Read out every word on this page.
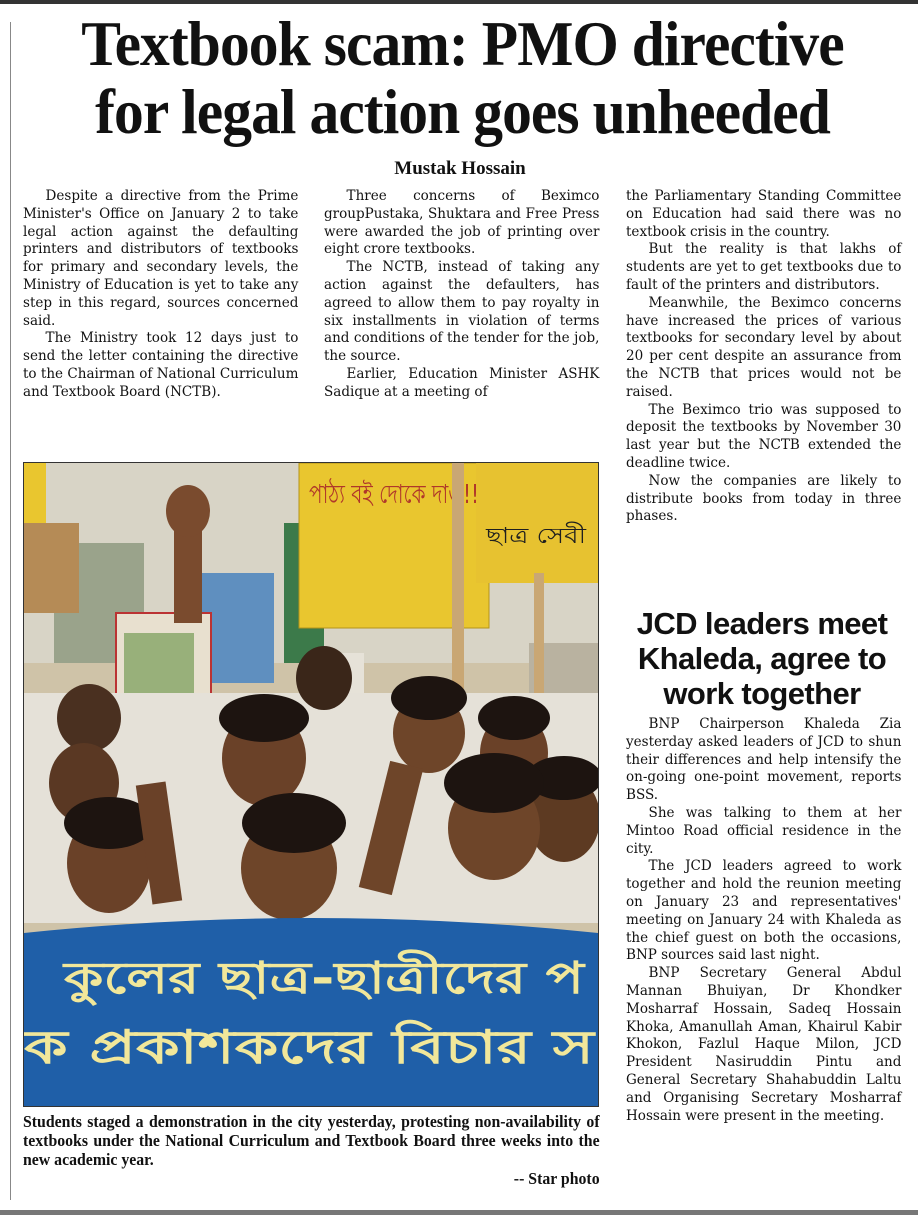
Textbook scam: PMO directive for legal action goes unheeded
Mustak Hossain

Despite a directive from the Prime Minister's Office on January 2 to take legal action against the defaulting printers and distributors of textbooks for primary and secondary levels, the Ministry of Education is yet to take any step in this regard, sources concerned said.

The Ministry took 12 days just to send the letter containing the directive to the Chairman of National Curriculum and Textbook Board (NCTB).

Three concerns of Beximco groupPustaka, Shuktara and Free Press were awarded the job of printing over eight crore textbooks.

The NCTB, instead of taking any action against the defaulters, has agreed to allow them to pay royalty in six installments in violation of terms and conditions of the tender for the job, the source.

Earlier, Education Minister ASHK Sadique at a meeting of

the Parliamentary Standing Committee on Education had said there was no textbook crisis in the country.

But the reality is that lakhs of students are yet to get textbooks due to fault of the printers and distributors.

Meanwhile, the Beximco concerns have increased the prices of various textbooks for secondary level by about 20 per cent despite an assurance from the NCTB that prices would not be raised.

The Beximco trio was supposed to deposit the textbooks by November 30 last year but the NCTB extended the deadline twice.

Now the companies are likely to distribute books from today in three phases.

পাঠ্য বই দোকে দাও!!
ছাত্র সেবী
কুলের ছাত্র-ছাত্রীদের প
ক প্রকাশকদের বিচার স
Students staged a demonstration in the city yesterday, protesting non-availability of textbooks under the National Curriculum and Textbook Board three weeks into the new academic year.
-- Star photo
JCD leaders meet Khaleda, agree to work together

BNP Chairperson Khaleda Zia yesterday asked leaders of JCD to shun their differences and help intensify the on-going one-point movement, reports BSS.

She was talking to them at her Mintoo Road official residence in the city.

The JCD leaders agreed to work together and hold the reunion meeting on January 23 and representatives' meeting on January 24 with Khaleda as the chief guest on both the occasions, BNP sources said last night.

BNP Secretary General Abdul Mannan Bhuiyan, Dr Khondker Mosharraf Hossain, Sadeq Hossain Khoka, Amanullah Aman, Khairul Kabir Khokon, Fazlul Haque Milon, JCD President Nasiruddin Pintu and General Secretary Shahabuddin Laltu and Organising Secretary Mosharraf Hossain were present in the meeting.
